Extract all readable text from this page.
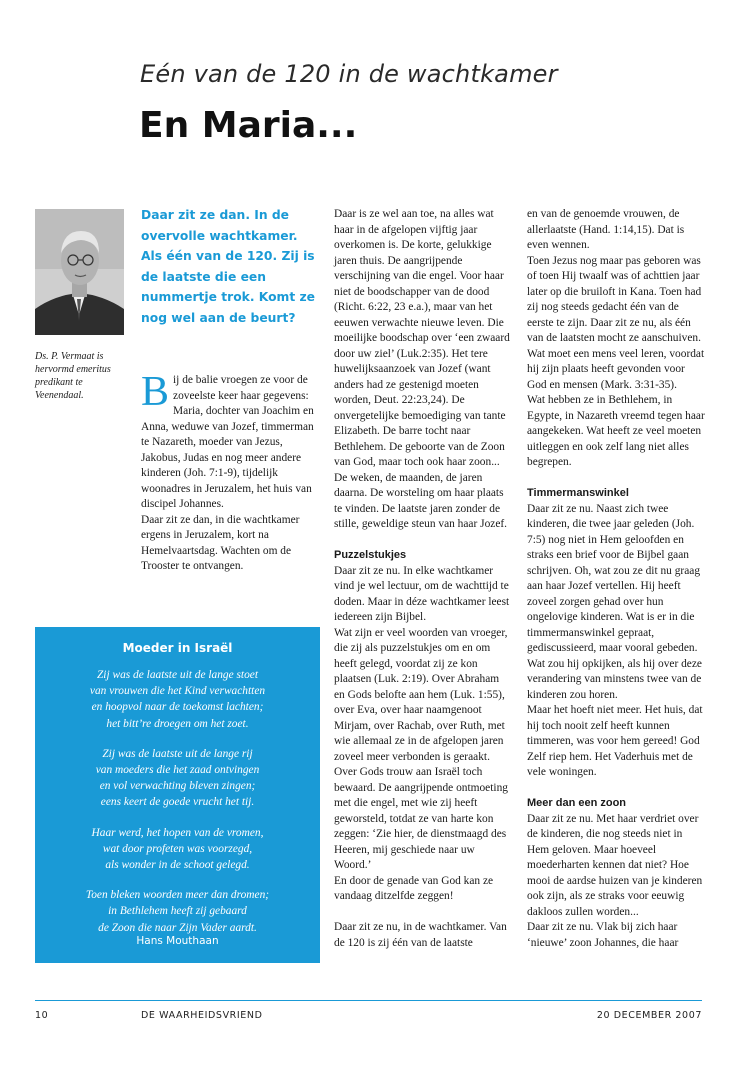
Eén van de 120 in de wachtkamer
En Maria...
Ds. P. Vermaat is hervormd emeritus predikant te Veenendaal.
Daar zit ze dan. In de overvolle wachtkamer. Als één van de 120. Zij is de laatste die een nummertje trok. Komt ze nog wel aan de beurt?

Bij de balie vroegen ze voor de zoveelste keer haar gegevens: Maria, dochter van Joachim en Anna, weduwe van Jozef, timmerman te Nazareth, moeder van Jezus, Jakobus, Judas en nog meer andere kinderen (Joh. 7:1-9), tijdelijk woonadres in Jeruzalem, het huis van discipel Johannes.

Daar zit ze dan, in die wachtkamer ergens in Jeruzalem, kort na Hemelvaartsdag. Wachten om de Trooster te ontvangen.

Moeder in Israël
Zij was de laatste uit de lange stoet
van vrouwen die het Kind verwachtten
en hoopvol naar de toekomst lachten;
het bitt’re droegen om het zoet.
Zij was de laatste uit de lange rij
van moeders die het zaad ontvingen
en vol verwachting bleven zingen;
eens keert de goede vrucht het tij.
Haar werd, het hopen van de vromen,
wat door profeten was voorzegd,
als wonder in de schoot gelegd.
Toen bleken woorden meer dan dromen;
in Bethlehem heeft zij gebaard
de Zoon die naar Zijn Vader aardt.
Hans Mouthaan

Daar is ze wel aan toe, na alles wat haar in de afgelopen vijftig jaar overkomen is. De korte, gelukkige jaren thuis. De aangrijpende verschijning van die engel. Voor haar niet de boodschapper van de dood (Richt. 6:22, 23 e.a.), maar van het eeuwen verwachte nieuwe leven. Die moeilijke boodschap over ‘een zwaard door uw ziel’ (Luk.2:35). Het tere huwelijksaanzoek van Jozef (want anders had ze gestenigd moeten worden, Deut. 22:23,24). De onvergetelijke bemoediging van tante Elizabeth. De barre tocht naar Bethlehem. De geboorte van de Zoon van God, maar toch ook haar zoon... De weken, de maanden, de jaren daarna. De worsteling om haar plaats te vinden. De laatste jaren zonder de stille, geweldige steun van haar Jozef.

Puzzelstukjes

Daar zit ze nu. In elke wachtkamer vind je wel lectuur, om de wachttijd te doden. Maar in déze wachtkamer leest iedereen zijn Bijbel.

Wat zijn er veel woorden van vroeger, die zij als puzzelstukjes om en om heeft gelegd, voordat zij ze kon plaatsen (Luk. 2:19). Over Abraham en Gods belofte aan hem (Luk. 1:55), over Eva, over haar naamgenoot Mirjam, over Rachab, over Ruth, met wie allemaal ze in de afgelopen jaren zoveel meer verbonden is geraakt. Over Gods trouw aan Israël toch bewaard. De aangrijpende ontmoeting met die engel, met wie zij heeft geworsteld, totdat ze van harte kon zeggen: ‘Zie hier, de dienstmaagd des Heeren, mij geschiede naar uw Woord.’

En door de genade van God kan ze vandaag ditzelfde zeggen!

Daar zit ze nu, in de wachtkamer. Van de 120 is zij één van de laatste

en van de genoemde vrouwen, de allerlaatste (Hand. 1:14,15). Dat is even wennen.

Toen Jezus nog maar pas geboren was of toen Hij twaalf was of achttien jaar later op die bruiloft in Kana. Toen had zij nog steeds gedacht één van de eerste te zijn. Daar zit ze nu, als één van de laatsten mocht ze aanschuiven. Wat moet een mens veel leren, voordat hij zijn plaats heeft gevonden voor God en mensen (Mark. 3:31-35).

Wat hebben ze in Bethlehem, in Egypte, in Nazareth vreemd tegen haar aangekeken. Wat heeft ze veel moeten uitleggen en ook zelf lang niet alles begrepen.

Timmermanswinkel

Daar zit ze nu. Naast zich twee kinderen, die twee jaar geleden (Joh. 7:5) nog niet in Hem geloofden en straks een brief voor de Bijbel gaan schrijven. Oh, wat zou ze dit nu graag aan haar Jozef vertellen. Hij heeft zoveel zorgen gehad over hun ongelovige kinderen. Wat is er in die timmermanswinkel gepraat, gediscussieerd, maar vooral gebeden. Wat zou hij opkijken, als hij over deze verandering van minstens twee van de kinderen zou horen.

Maar het hoeft niet meer. Het huis, dat hij toch nooit zelf heeft kunnen timmeren, was voor hem gereed! God Zelf riep hem. Het Vaderhuis met de vele woningen.

Meer dan een zoon

Daar zit ze nu. Met haar verdriet over de kinderen, die nog steeds niet in Hem geloven. Maar hoeveel moederharten kennen dat niet? Hoe mooi de aardse huizen van je kinderen ook zijn, als ze straks voor eeuwig dakloos zullen worden...

Daar zit ze nu. Vlak bij zich haar ‘nieuwe’ zoon Johannes, die haar

10	DE WAARHEIDSVRIEND	20 DECEMBER 2007
